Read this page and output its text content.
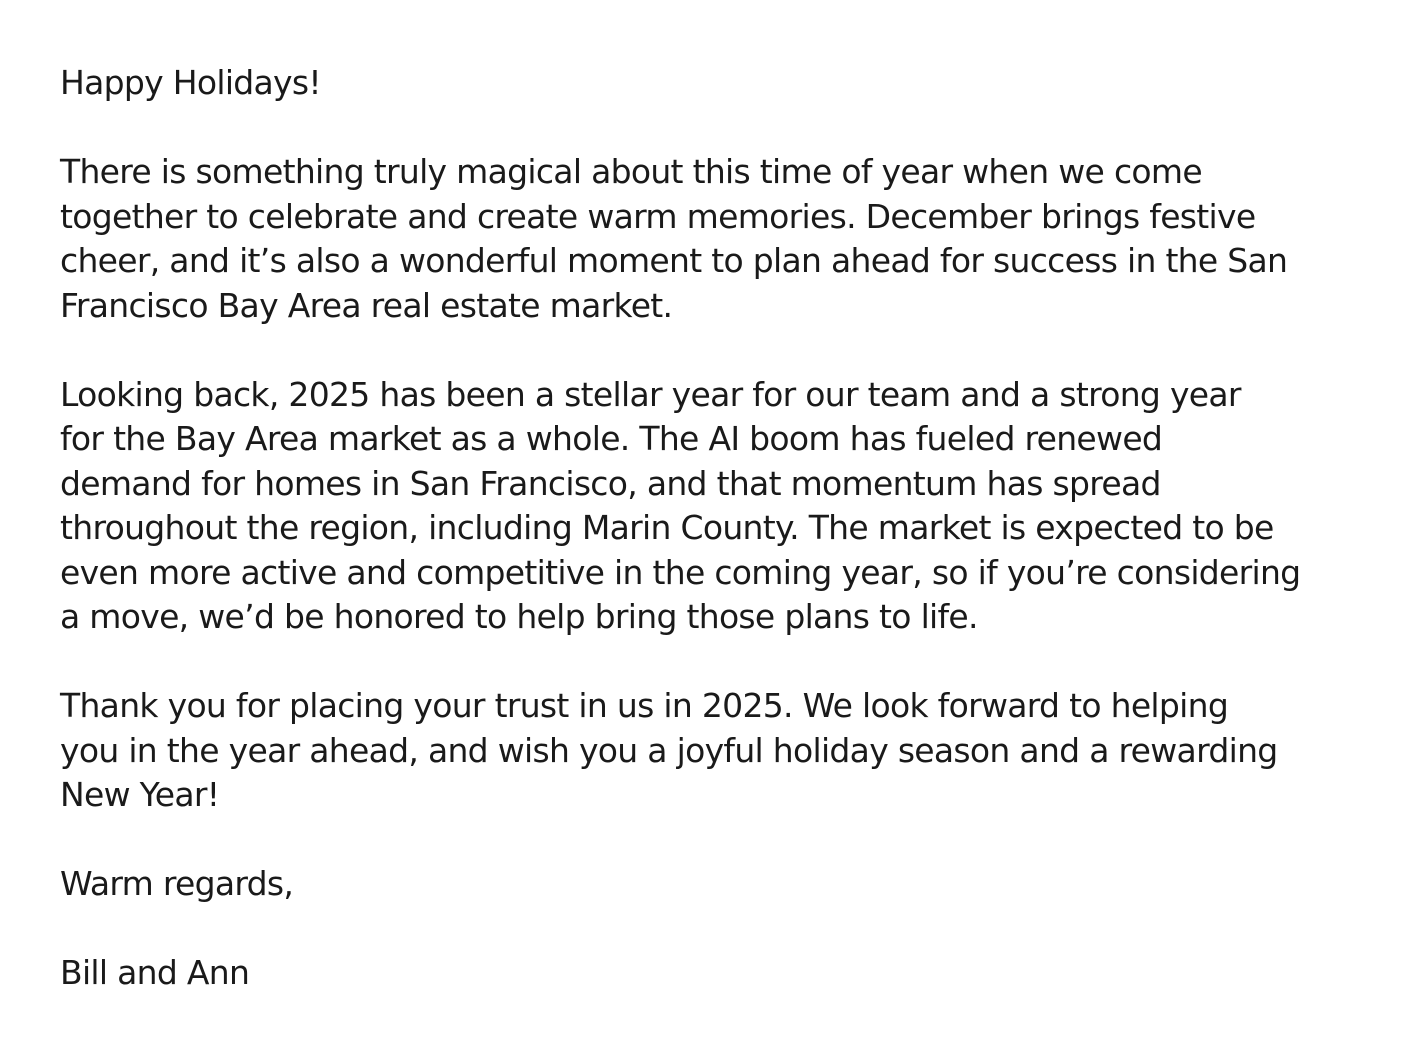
Happy Holidays!

There is something truly magical about this time of year when we come
together to celebrate and create warm memories. December brings festive
cheer, and it’s also a wonderful moment to plan ahead for success in the San
Francisco Bay Area real estate market.

Looking back, 2025 has been a stellar year for our team and a strong year
for the Bay Area market as a whole. The AI boom has fueled renewed
demand for homes in San Francisco, and that momentum has spread
throughout the region, including Marin County. The market is expected to be
even more active and competitive in the coming year, so if you’re considering
a move, we’d be honored to help bring those plans to life.

Thank you for placing your trust in us in 2025. We look forward to helping
you in the year ahead, and wish you a joyful holiday season and a rewarding
New Year!

Warm regards,

Bill and Ann
